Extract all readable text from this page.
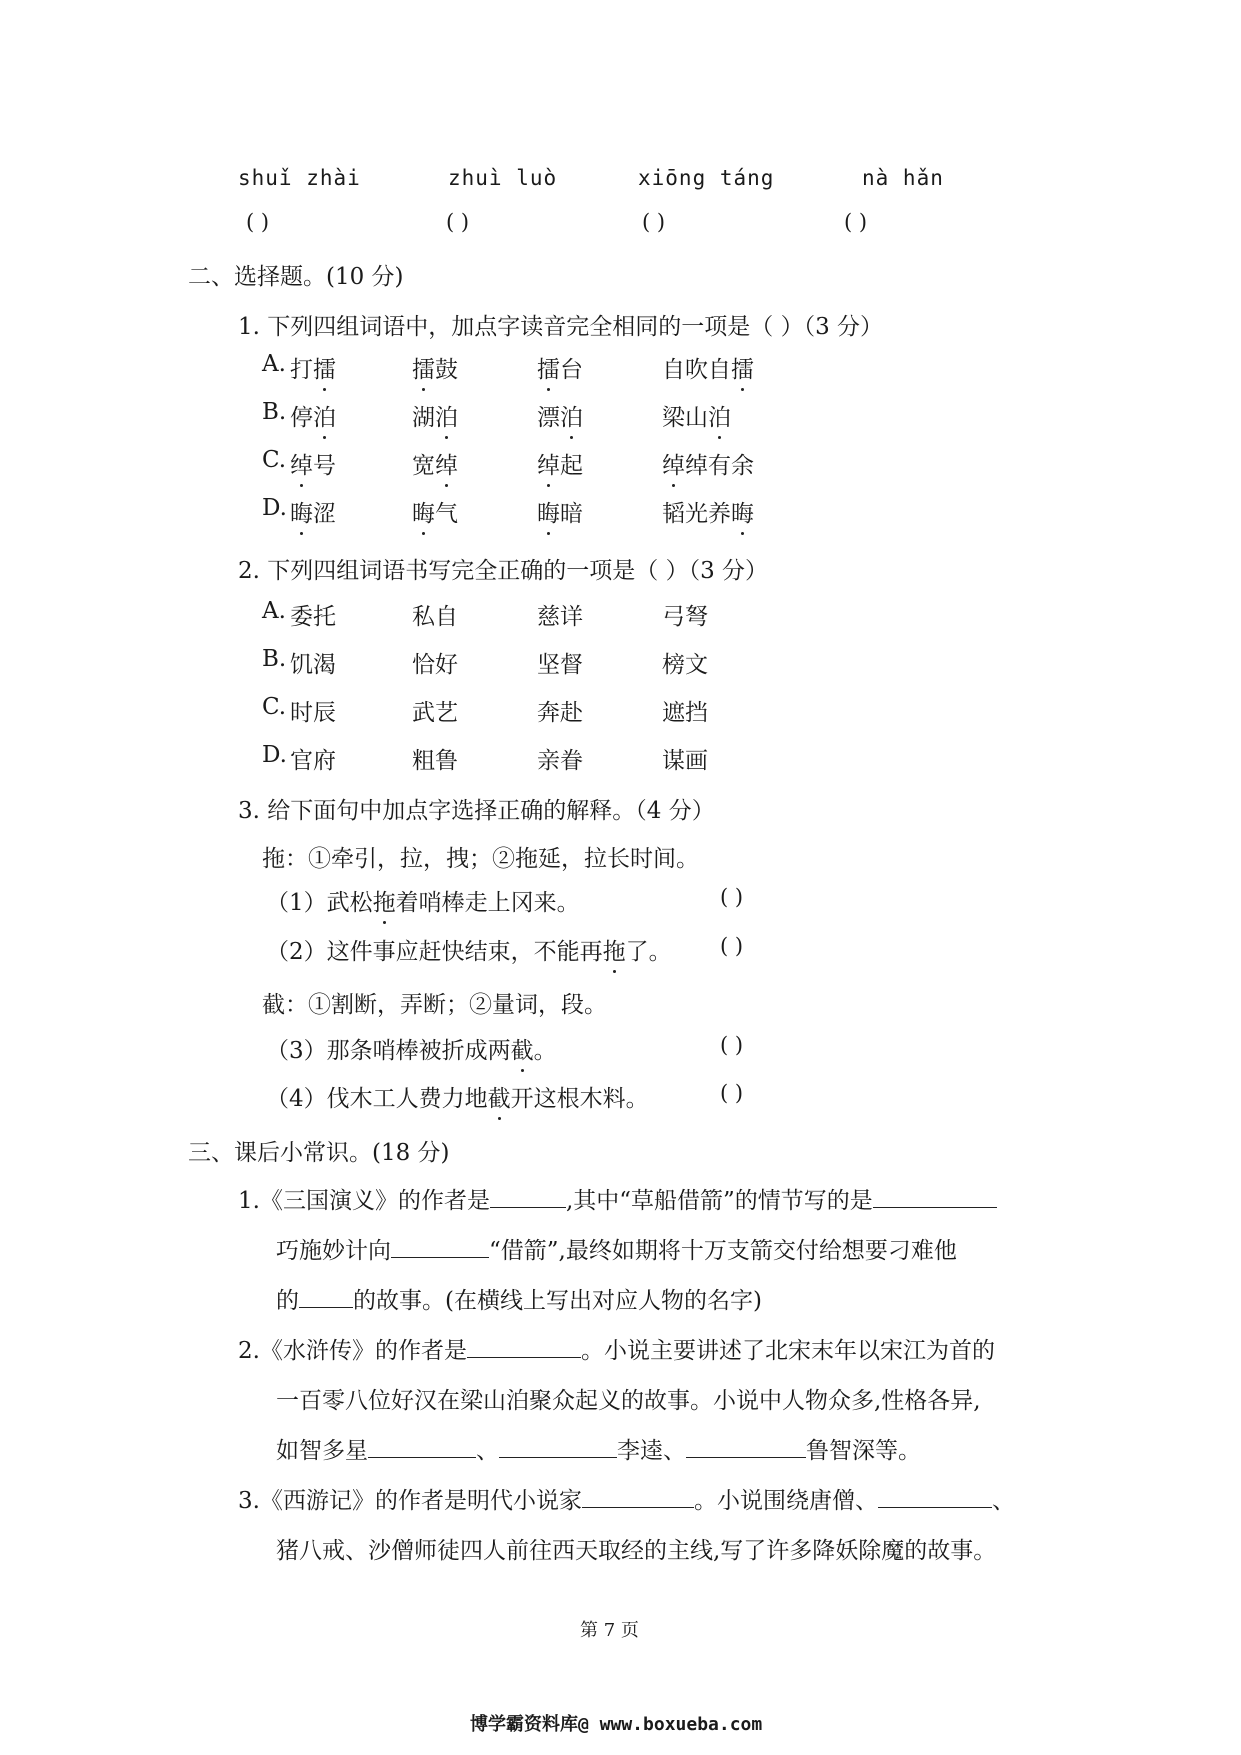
shuǐ zhài	zhuì luò	xiōng táng	nà hǎn
( )	( )	( )	( )
二、选择题。(10 分)
1. 下列四组词语中，加点字读音完全相同的一项是（ ）（3 分）
A. 打擂	擂鼓	擂台	自吹自擂
B. 停泊	湖泊	漂泊	梁山泊
C. 绰号	宽绰	绰起	绰绰有余
D. 晦涩	晦气	晦暗	韬光养晦
2. 下列四组词语书写完全正确的一项是（ ）（3 分）
A. 委托	私自	慈详	弓弩
B. 饥渴	恰好	坚督	榜文
C. 时辰	武艺	奔赴	遮挡
D. 官府	粗鲁	亲眷	谋画
3. 给下面句中加点字选择正确的解释。（4 分）
拖：①牵引，拉，拽；②拖延，拉长时间。
（1）武松拖着哨棒走上冈来。	( )
（2）这件事应赶快结束，不能再拖了。 ( )
截：①割断，弄断；②量词，段。
（3）那条哨棒被折成两截。	( )
（4）伐木工人费力地截开这根木料。	( )
三、课后小常识。(18 分)
1.《三国演义》的作者是	,其中“草船借箭”的情节写的是
巧施妙计向	“借箭”,最终如期将十万支箭交付给想要刁难他
的 的故事。(在横线上写出对应人物的名字)
2.《水浒传》的作者是	。小说主要讲述了北宋末年以宋江为首的
一百零八位好汉在梁山泊聚众起义的故事。小说中人物众多,性格各异,
如智多星	、	李逵、	鲁智深等。
3.《西游记》的作者是明代小说家	。小说围绕唐僧、	、
猪八戒、沙僧师徒四人前往西天取经的主线,写了许多降妖除魔的故事。
第 7 页
博学霸资料库@ www.boxueba.com
